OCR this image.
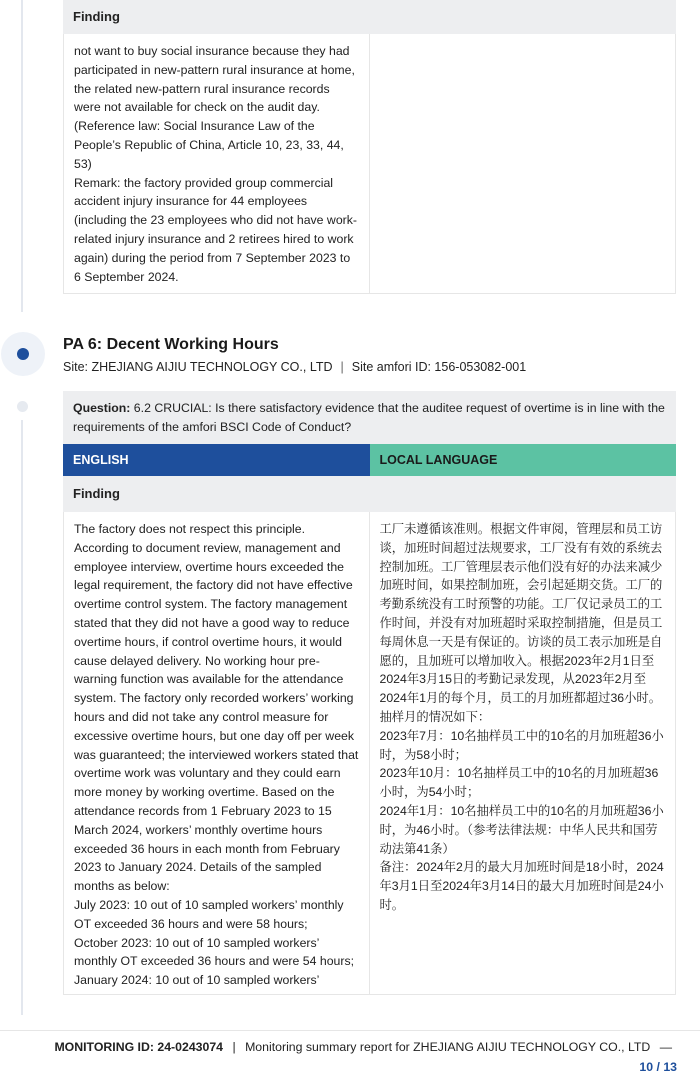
Finding
not want to buy social insurance because they had participated in new-pattern rural insurance at home, the related new-pattern rural insurance records were not available for check on the audit day.
(Reference law: Social Insurance Law of the People’s Republic of China, Article 10, 23, 33, 44, 53)
Remark: the factory provided group commercial accident injury insurance for 44 employees (including the 23 employees who did not have work-related injury insurance and 2 retirees hired to work again) during the period from 7 September 2023 to 6 September 2024.
PA 6: Decent Working Hours
Site: ZHEJIANG AIJIU TECHNOLOGY CO., LTD | Site amfori ID: 156-053082-001
Question: 6.2 CRUCIAL: Is there satisfactory evidence that the auditee request of overtime is in line with the requirements of the amfori BSCI Code of Conduct?
ENGLISH	LOCAL LANGUAGE
Finding
The factory does not respect this principle. According to document review, management and employee interview, overtime hours exceeded the legal requirement, the factory did not have effective overtime control system. The factory management stated that they did not have a good way to reduce overtime hours, if control overtime hours, it would cause delayed delivery. No working hour pre-warning function was available for the attendance system. The factory only recorded workers’ working hours and did not take any control measure for excessive overtime hours, but one day off per week was guaranteed; the interviewed workers stated that overtime work was voluntary and they could earn more money by working overtime. Based on the attendance records from 1 February 2023 to 15 March 2024, workers’ monthly overtime hours exceeded 36 hours in each month from February 2023 to January 2024. Details of the sampled months as below:
July 2023: 10 out of 10 sampled workers’ monthly OT exceeded 36 hours and were 58 hours;
October 2023: 10 out of 10 sampled workers’ monthly OT exceeded 36 hours and were 54 hours;
January 2024: 10 out of 10 sampled workers’
工厂未遵循该准则。根据文件审阅，管理层和员工访谈，加班时间超过法规要求，工厂没有有效的系统去控制加班。工厂管理层表示他们没有好的办法来减少加班时间，如果控制加班，会引起延期交货。工厂的考勤系统没有工时预警的功能。工厂仅记录员工的工作时间，并没有对加班超时采取控制措施，但是员工每周休息一天是有保证的。访谈的员工表示加班是自愿的，且加班可以增加收入。根据2023年2月1日至2024年3月15日的考勤记录发现，从2023年2月至2024年1月的每个月，员工的月加班都超过36小时。抽样月的情况如下：
2023年7月：10名抽样员工中的10名的月加班超36小时，为58小时；
2023年10月：10名抽样员工中的10名的月加班超36小时，为54小时；
2024年1月：10名抽样员工中的10名的月加班超36小时，为46小时。（参考法律法规：中华人民共和国劳动法第41条）
备注：2024年2月的最大月加班时间是18小时，2024年3月1日至2024年3月14日的最大月加班时间是24小时。
MONITORING ID: 24-0243074 | Monitoring summary report for ZHEJIANG AIJIU TECHNOLOGY CO., LTD —
10 / 13
